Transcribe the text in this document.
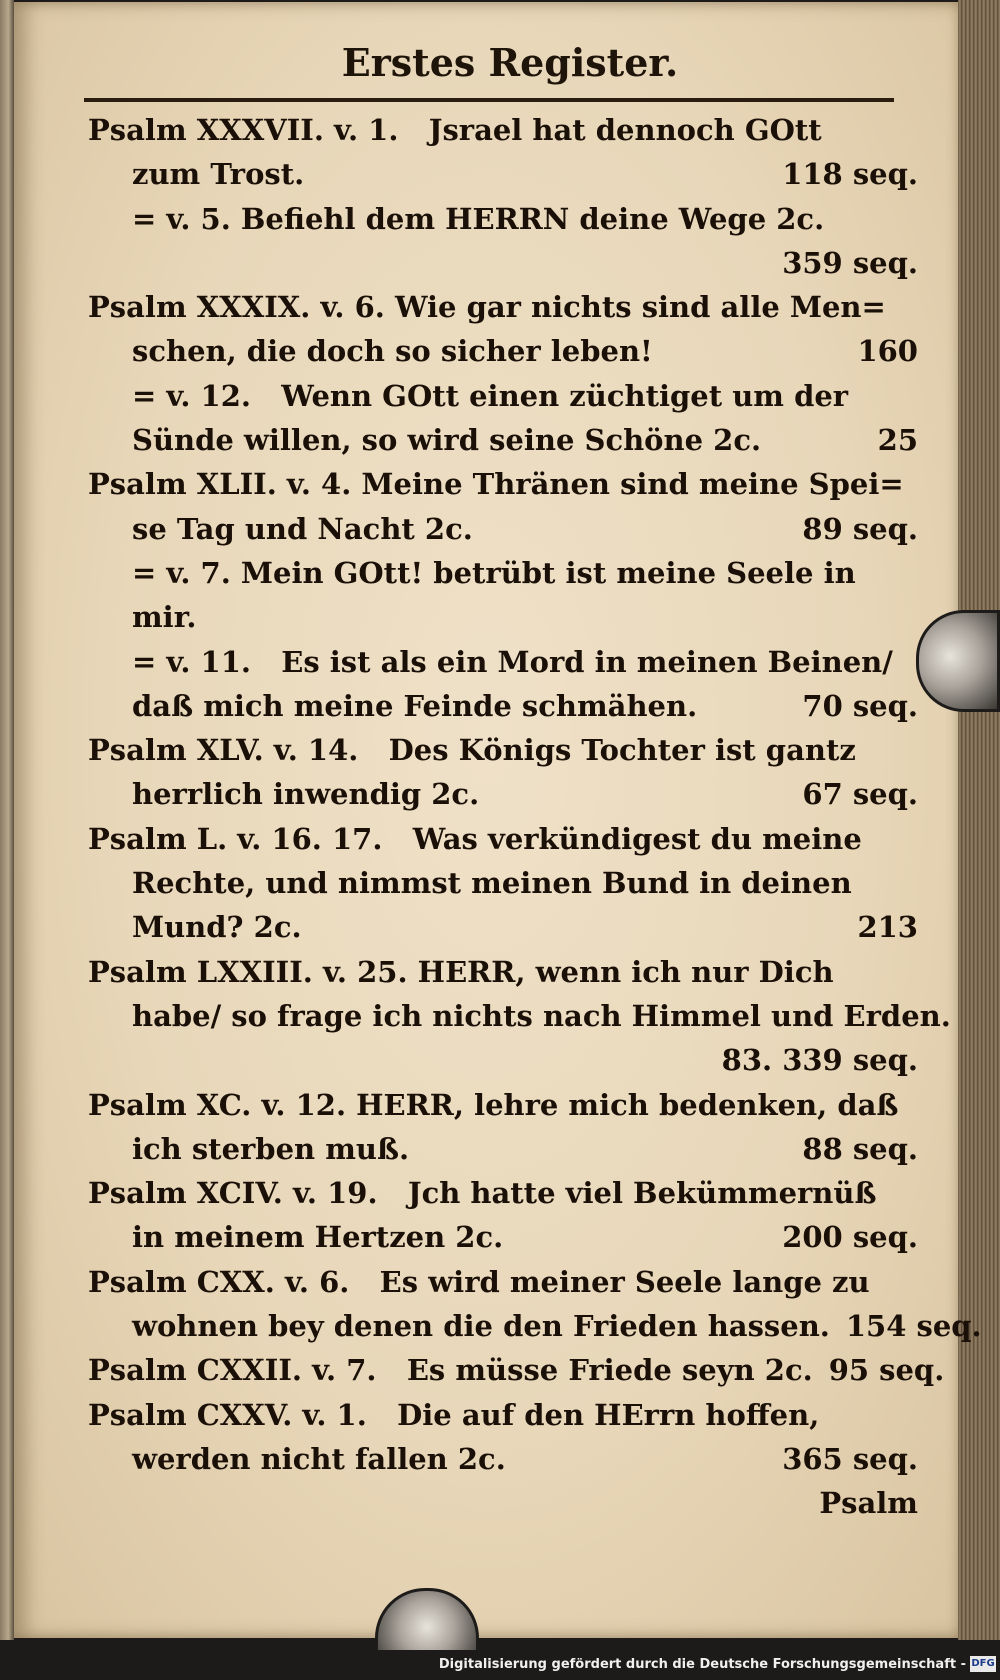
Erstes Register.
Psalm XXXVII. v. 1.   Jsrael hat dennoch GOtt
zum Trost.	118 seq.
= v. 5. Befiehl dem HERRN deine Wege 2c.
359 seq.
Psalm XXXIX. v. 6. Wie gar nichts sind alle Men=
schen, die doch so sicher leben!	160
= v. 12.   Wenn GOtt einen züchtiget um der
Sünde willen, so wird seine Schöne 2c.	25
Psalm XLII. v. 4. Meine Thränen sind meine Spei=
se Tag und Nacht 2c.	89 seq.
= v. 7. Mein GOtt! betrübt ist meine Seele in
mir.
= v. 11.   Es ist als ein Mord in meinen Beinen/
daß mich meine Feinde schmähen.	70 seq.
Psalm XLV. v. 14.   Des Königs Tochter ist gantz
herrlich inwendig 2c.	67 seq.
Psalm L. v. 16. 17.   Was verkündigest du meine
Rechte, und nimmst meinen Bund in deinen
Mund? 2c.	213
Psalm LXXIII. v. 25. HERR, wenn ich nur Dich
habe/ so frage ich nichts nach Himmel und Erden.
83. 339 seq.
Psalm XC. v. 12. HERR, lehre mich bedenken, daß
ich sterben muß.	88 seq.
Psalm XCIV. v. 19.   Jch hatte viel Bekümmernüß
in meinem Hertzen 2c.	200 seq.
Psalm CXX. v. 6.   Es wird meiner Seele lange zu
wohnen bey denen die den Frieden hassen. 154 seq.
Psalm CXXII. v. 7.   Es müsse Friede seyn 2c. 95 seq.
Psalm CXXV. v. 1.   Die auf den HErrn hoffen,
werden nicht fallen 2c.	365 seq.
Psalm
Digitalisierung gefördert durch die Deutsche Forschungsgemeinschaft - DFG
